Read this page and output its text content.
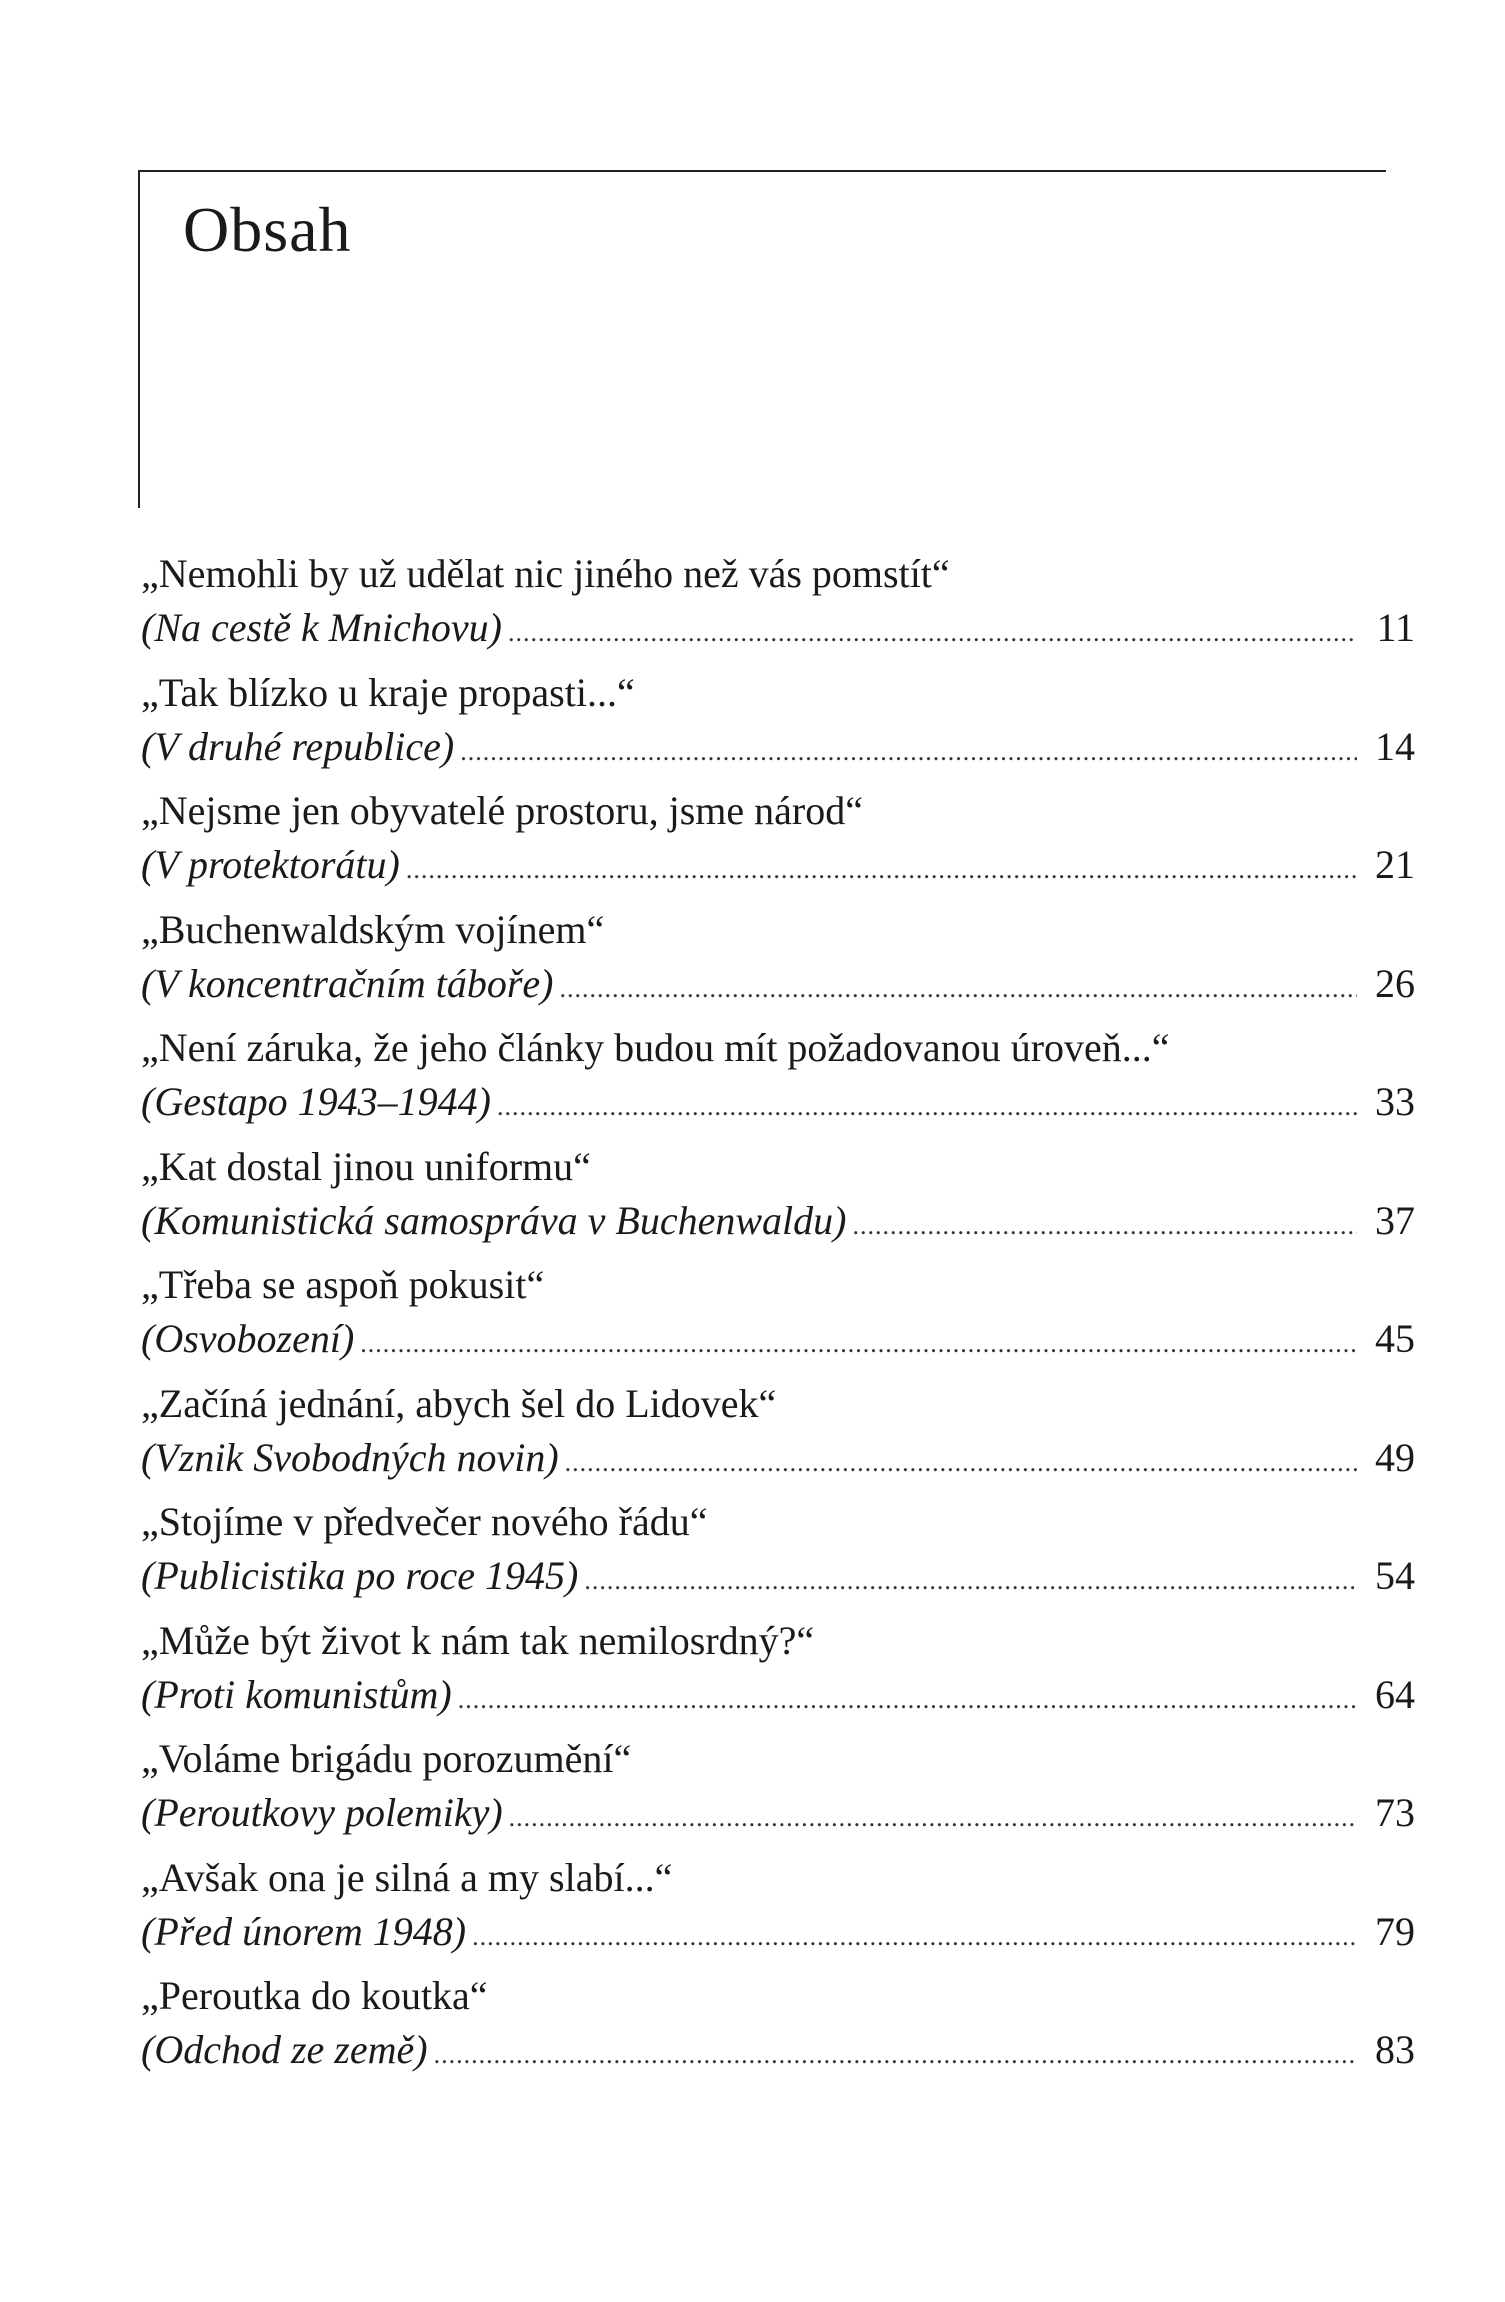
Obsah
„Nemohli by už udělat nic jiného než vás pomstít“
(Na cestě k Mnichovu) .....	11
„Tak blízko u kraje propasti...“
(V druhé republice) .....	14
„Nejsme jen obyvatelé prostoru, jsme národ“
(V protektorátu) .....	21
„Buchenwaldským vojínem“
(V koncentračním táboře) .....	26
„Není záruka, že jeho články budou mít požadovanou úroveň...“
(Gestapo 1943–1944) .....	33
„Kat dostal jinou uniformu“
(Komunistická samospráva v Buchenwaldu) .....	37
„Třeba se aspoň pokusit“
(Osvobození) .....	45
„Začíná jednání, abych šel do Lidovek“
(Vznik Svobodných novin) .....	49
„Stojíme v předvečer nového řádu“
(Publicistika po roce 1945) .....	54
„Může být život k nám tak nemilosrdný?“
(Proti komunistům) .....	64
„Voláme brigádu porozumění“
(Peroutkovy polemiky) .....	73
„Avšak ona je silná a my slabí...“
(Před únorem 1948) .....	79
„Peroutka do koutka“
(Odchod ze země) .....	83
